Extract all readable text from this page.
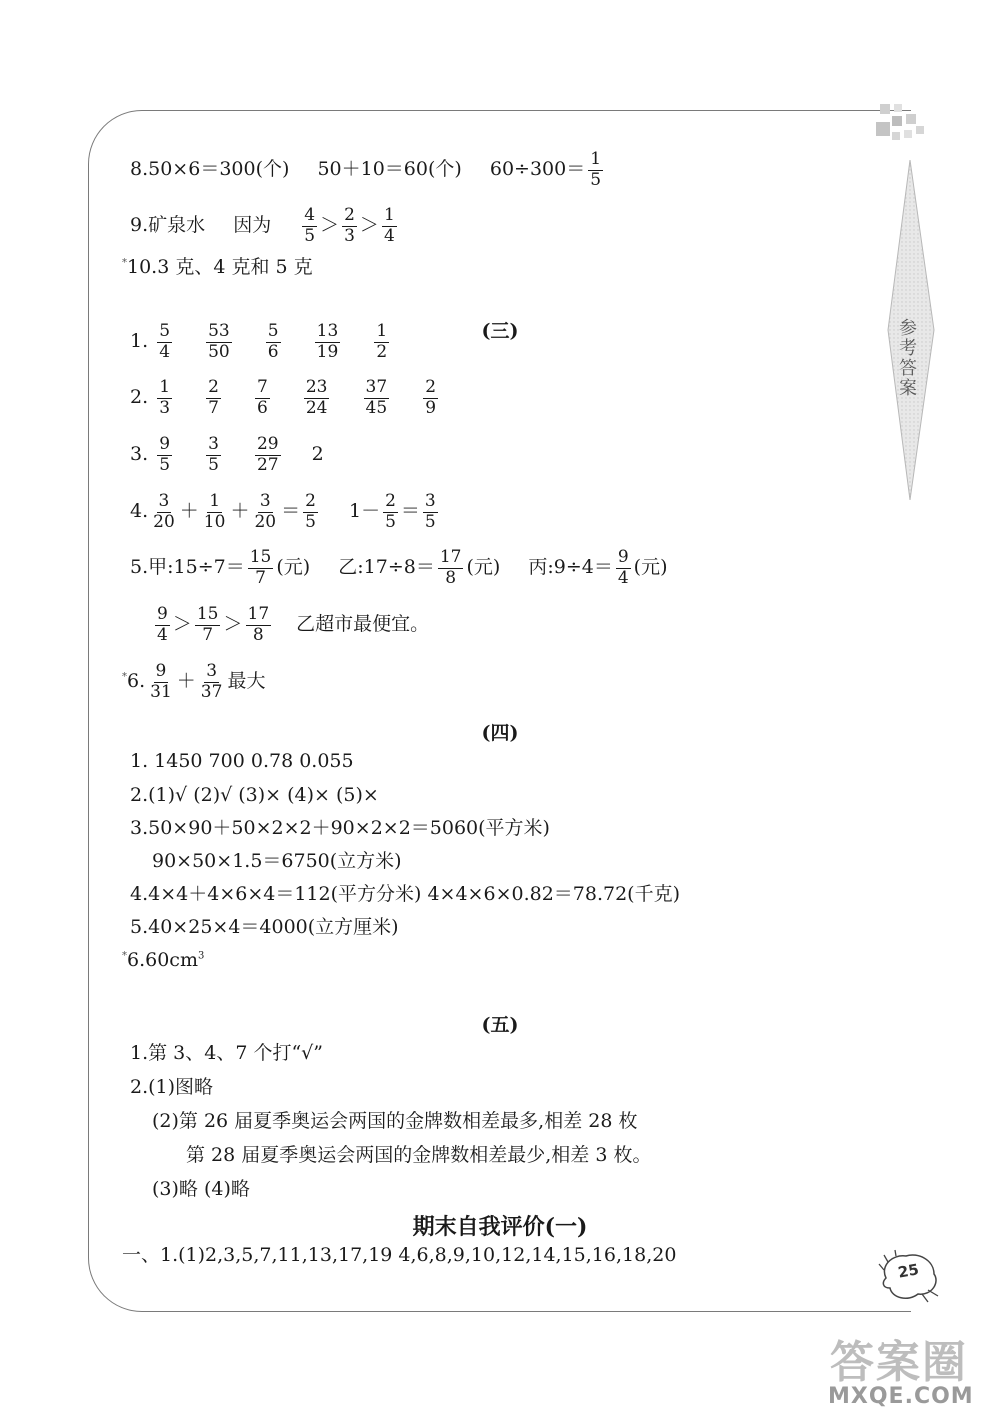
参考答案
8.50×6＝300(个) 50＋10＝60(个) $60\div 300= \frac{1}{5}$
9.矿泉水 因为 $\frac{4}{5} > \frac{2}{3} > \frac{1}{4}$
*10.3 克、4 克和 5 克
(三)
1. $\frac{5}{4}$
$\frac{53}{50}$
$\frac{5}{6}$
$\frac{13}{19}$
$\frac{1}{2}$
2. $\frac{1}{3}$
$\frac{2}{7}$
$\frac{7}{6}$
$\frac{23}{24}$
$\frac{37}{45}$
$\frac{2}{9}$
3. $\frac{9}{5}$
$\frac{3}{5}$
$\frac{29}{27} 2$
4. $\frac{3}{20} + \frac{1}{10} + \frac{3}{20} = \frac{2}{5} 1- \frac{2}{5} = \frac{3}{5}$
5.甲:15÷7＝ $\frac{15}{7}$ (元) 乙:17÷8＝ $\frac{17}{8}$ (元) 丙:9÷4＝ $\frac{9}{4}$ (元)
$\frac{9}{4} > \frac{15}{7} > \frac{17}{8}$ 乙超市最便宜。
*6. $\frac{9}{31} + \frac{3}{37}$ 最大
(四)
1. 1450 700 0.78 0.055
2.(1)√ (2)√ (3)× (4)× (5)×
3.50×90＋50×2×2＋90×2×2＝5060(平方米)
90×50×1.5＝6750(立方米)
4.4×4＋4×6×4＝112(平方分米) 4×4×6×0.82＝78.72(千克)
5.40×25×4＝4000(立方厘米)
$^*6.60cm^3$
(五)
1.第 3、4、7 个打“√”
2.(1)图略
(2)第 26 届夏季奥运会两国的金牌数相差最多,相差 28 枚
第 28 届夏季奥运会两国的金牌数相差最少,相差 3 枚。
(3)略 (4)略
期末自我评价(一)
一、1.(1)2,3,5,7,11,13,17,19 4,6,8,9,10,12,14,15,16,18,20
25
答案圈
MXQE.COM
